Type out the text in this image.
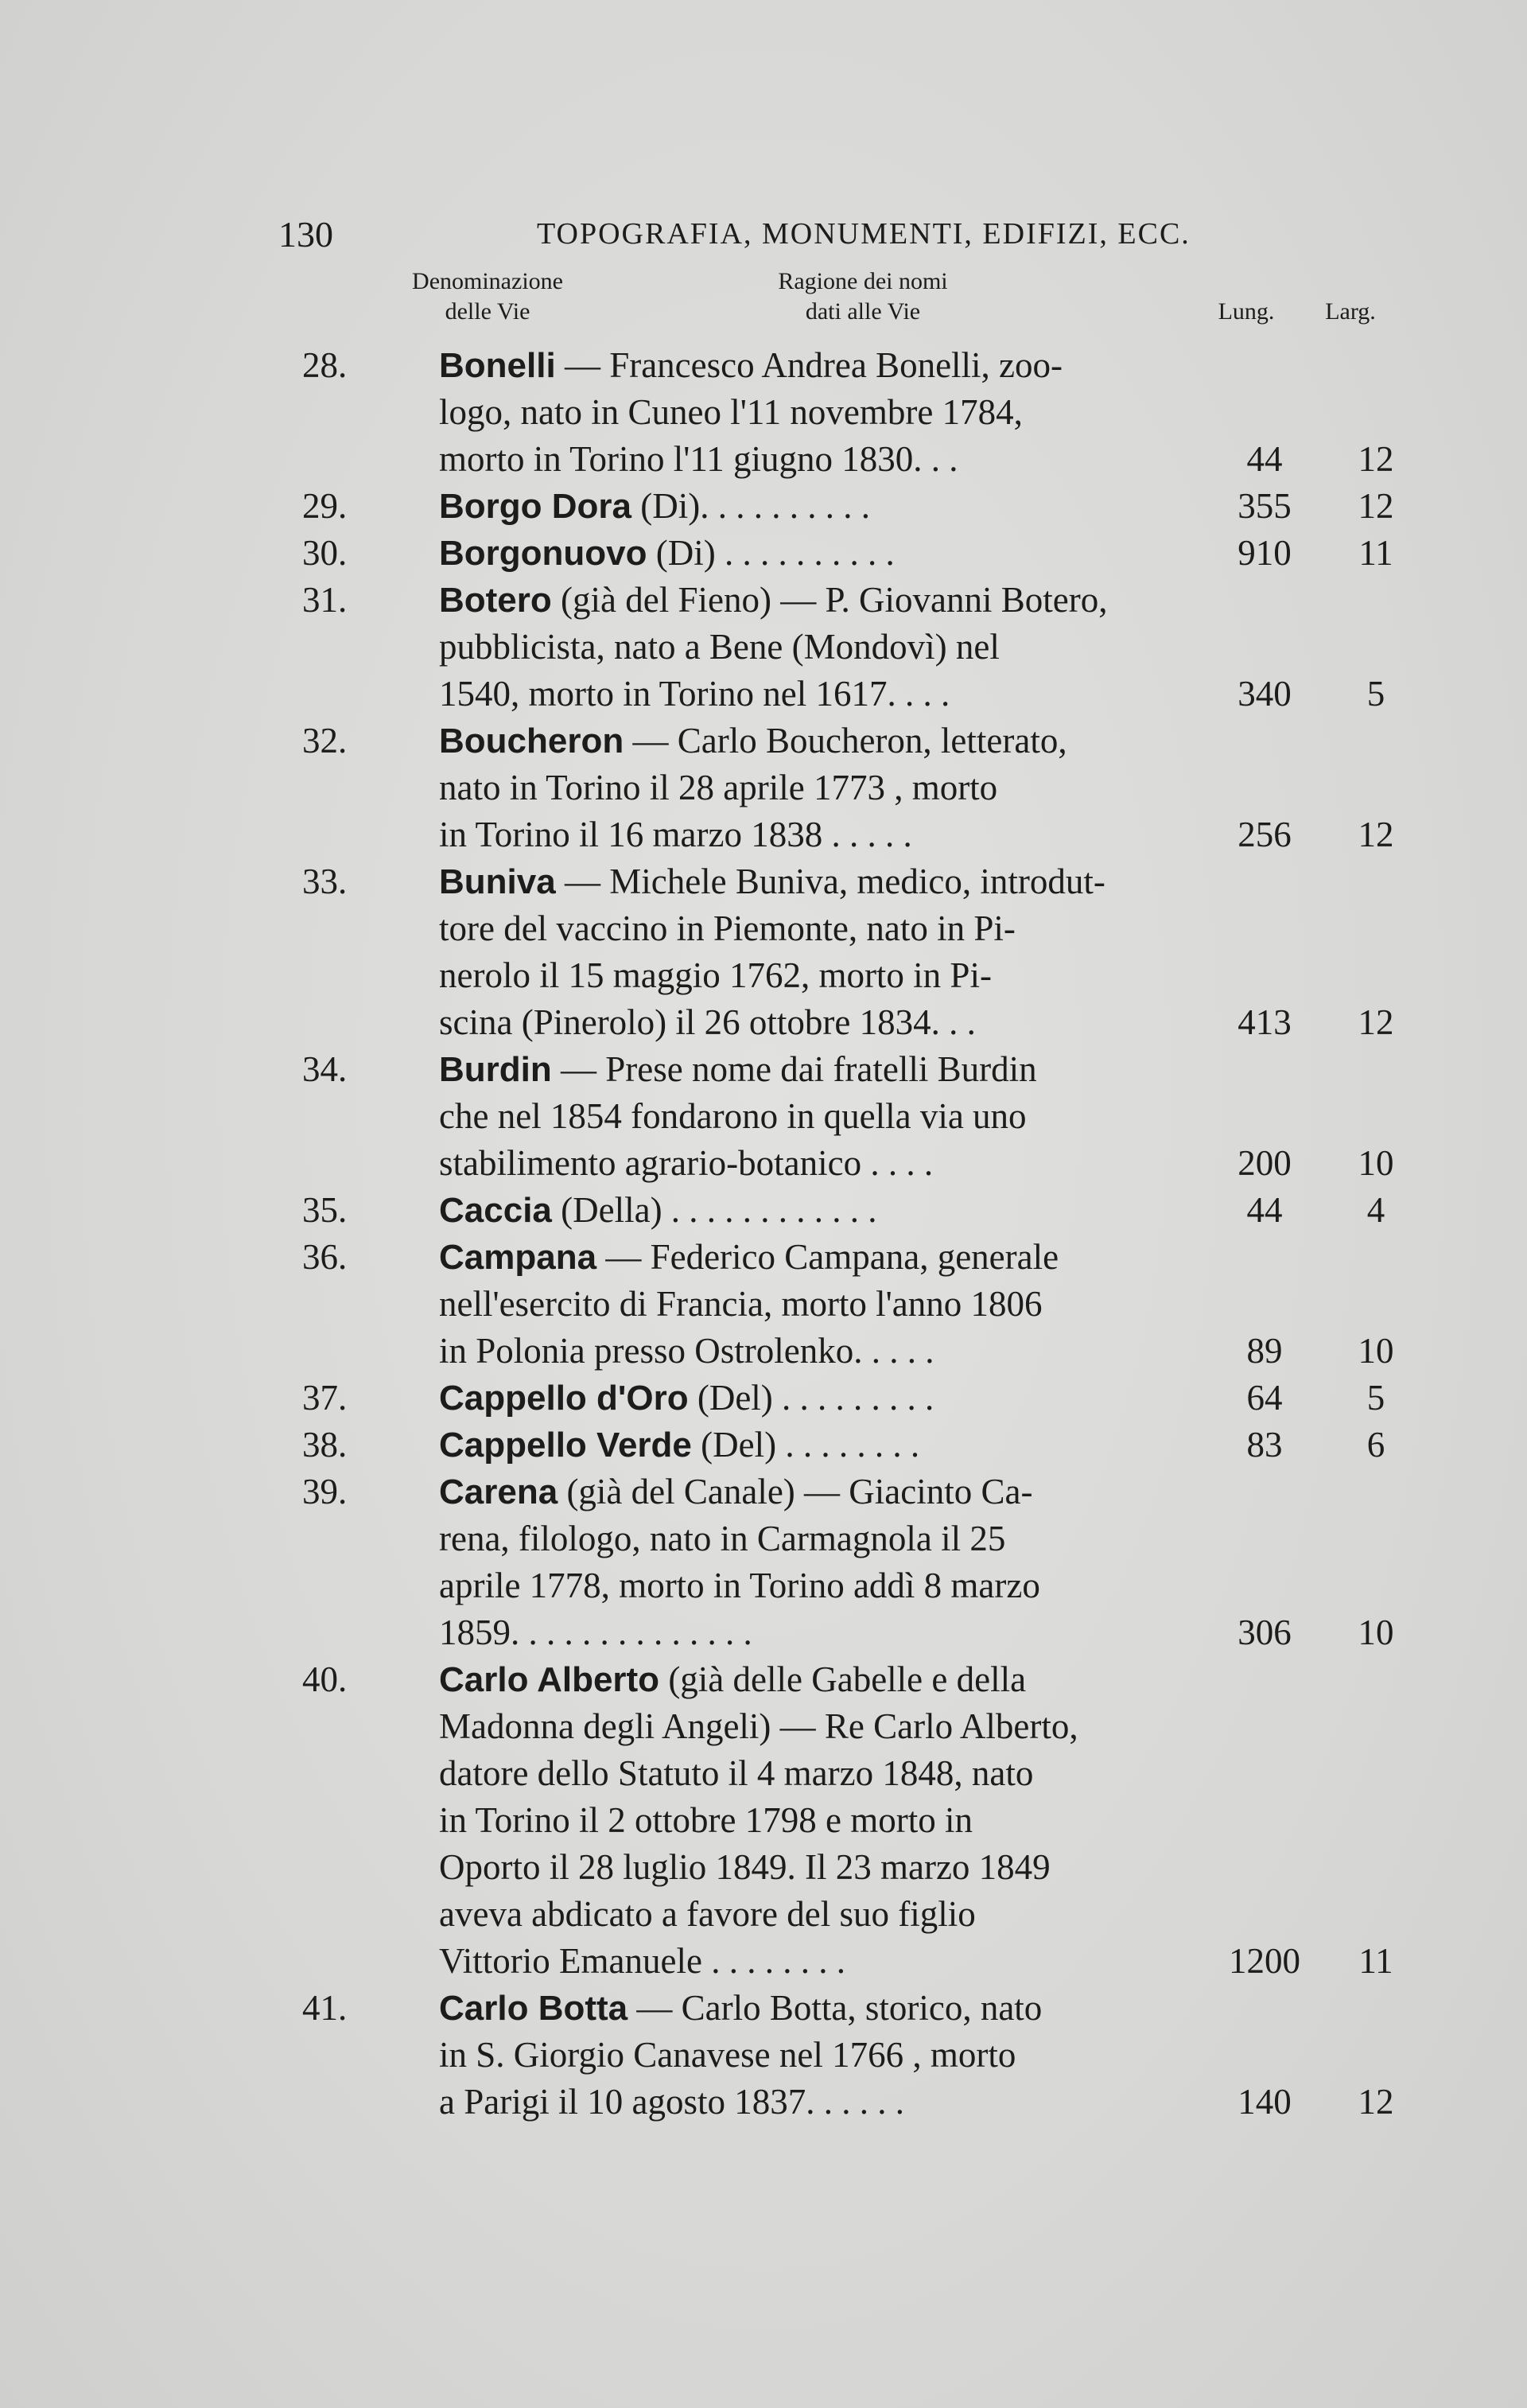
130	TOPOGRAFIA, MONUMENTI, EDIFIZI, ECC.
Denominazione
delle Vie
Ragione dei nomi
dati alle Vie	Lung.	Larg.
28.	Bonelli — Francesco Andrea Bonelli, zoo-
logo, nato in Cuneo l'11 novembre 1784,
morto in Torino l'11 giugno 1830. . .	44	12
29.	Borgo Dora (Di). . . . . . . . . .	355	12
30.	Borgonuovo (Di) . . . . . . . . . .	910	11
31.	Botero (già del Fieno) — P. Giovanni Botero,
pubblicista, nato a Bene (Mondovì) nel
1540, morto in Torino nel 1617. . . .	340	5
32.	Boucheron — Carlo Boucheron, letterato,
nato in Torino il 28 aprile 1773 , morto
in Torino il 16 marzo 1838 . . . . .	256	12
33.	Buniva — Michele Buniva, medico, introdut-
tore del vaccino in Piemonte, nato in Pi-
nerolo il 15 maggio 1762, morto in Pi-
scina (Pinerolo) il 26 ottobre 1834. . .	413	12
34.	Burdin — Prese nome dai fratelli Burdin
che nel 1854 fondarono in quella via uno
stabilimento agrario-botanico . . . .	200	10
35.	Caccia (Della) . . . . . . . . . . . .	44	4
36.	Campana — Federico Campana, generale
nell'esercito di Francia, morto l'anno 1806
in Polonia presso Ostrolenko. . . . .	89	10
37.	Cappello d'Oro (Del) . . . . . . . . .	64	5
38.	Cappello Verde (Del) . . . . . . . .	83	6
39.	Carena (già del Canale) — Giacinto Ca-
rena, filologo, nato in Carmagnola il 25
aprile 1778, morto in Torino addì 8 marzo
1859. . . . . . . . . . . . . .	306	10
40.	Carlo Alberto (già delle Gabelle e della
Madonna degli Angeli) — Re Carlo Alberto,
datore dello Statuto il 4 marzo 1848, nato
in Torino il 2 ottobre 1798 e morto in
Oporto il 28 luglio 1849. Il 23 marzo 1849
aveva abdicato a favore del suo figlio
Vittorio Emanuele . . . . . . . .	1200	11
41.	Carlo Botta — Carlo Botta, storico, nato
in S. Giorgio Canavese nel 1766 , morto
a Parigi il 10 agosto 1837. . . . . .	140	12
